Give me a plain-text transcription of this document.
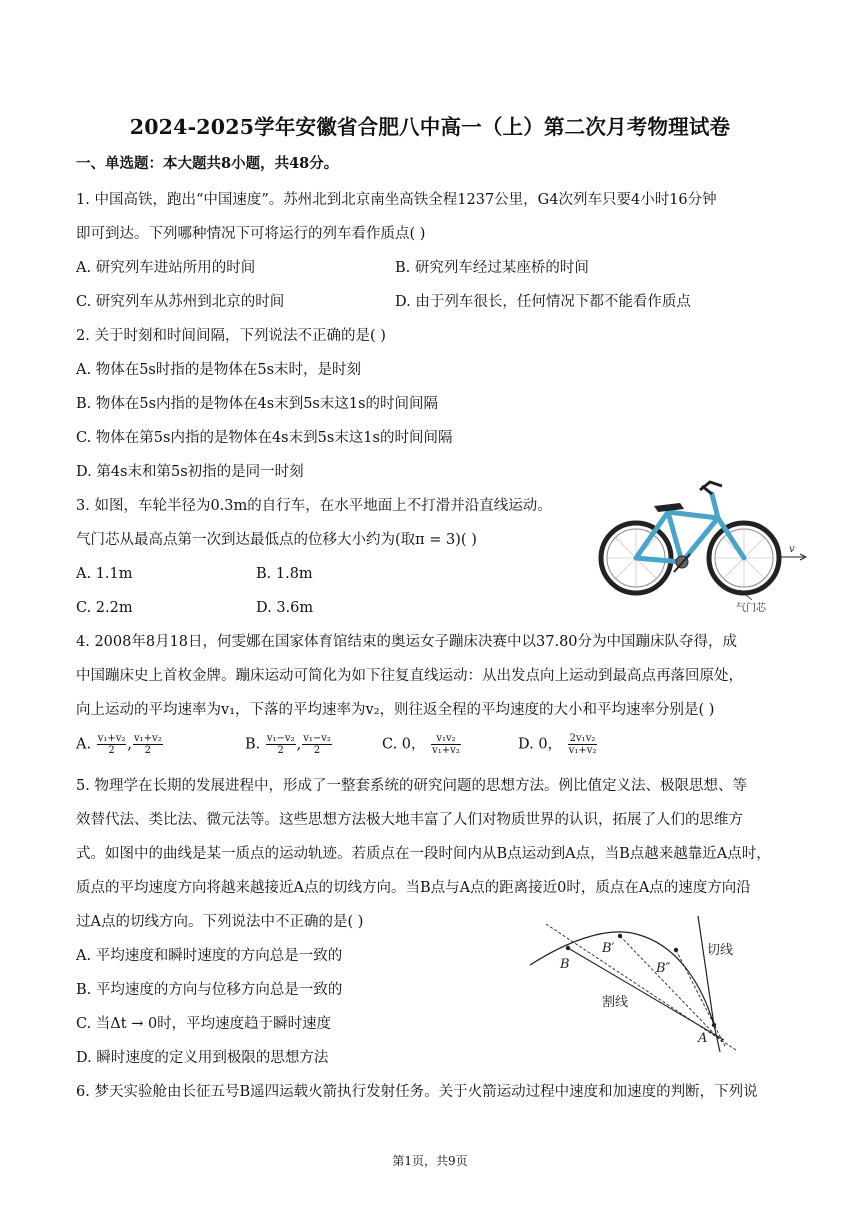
2024-2025学年安徽省合肥八中高一（上）第二次月考物理试卷
一、单选题：本大题共8小题，共48分。
1. 中国高铁，跑出“中国速度”。苏州北到北京南坐高铁全程1237公里，G4次列车只要4小时16分钟
即可到达。下列哪种情况下可将运行的列车看作质点( )
A. 研究列车进站所用的时间	B. 研究列车经过某座桥的时间
C. 研究列车从苏州到北京的时间	D. 由于列车很长，任何情况下都不能看作质点
2. 关于时刻和时间间隔，下列说法不正确的是( )
A. 物体在5s时指的是物体在5s末时，是时刻
B. 物体在5s内指的是物体在4s末到5s末这1s的时间间隔
C. 物体在第5s内指的是物体在4s末到5s末这1s的时间间隔
D. 第4s末和第5s初指的是同一时刻
3. 如图，车轮半径为0.3m的自行车，在水平地面上不打滑并沿直线运动。
气门芯从最高点第一次到达最低点的位移大小约为(取π = 3)( )
A. 1.1m	B. 1.8m
C. 2.2m	D. 3.6m
v
气门芯
4. 2008年8月18日，何雯娜在国家体育馆结束的奥运女子蹦床决赛中以37.80分为中国蹦床队夺得，成
中国蹦床史上首枚金牌。蹦床运动可简化为如下往复直线运动：从出发点向上运动到最高点再落回原处，
向上运动的平均速率为v₁，下落的平均速率为v₂，则往返全程的平均速度的大小和平均速率分别是( )
A. $\frac{\text{v₁+v₂}}{2}$ , $\frac{\text{v₁+v₂}}{2}$	B. $\frac{\text{v₁−v₂}}{2}$ , $\frac{\text{v₁−v₂}}{2}$	C. 0， $\frac{\text{v₁v₂}}{\text{v₁+v₂}}$	D. 0， $\frac{\text{2v₁v₂}}{\text{v₁+v₂}}$
5. 物理学在长期的发展进程中，形成了一整套系统的研究问题的思想方法。例比值定义法、极限思想、等
效替代法、类比法、微元法等。这些思想方法极大地丰富了人们对物质世界的认识，拓展了人们的思维方
式。如图中的曲线是某一质点的运动轨迹。若质点在一段时间内从B点运动到A点，当B点越来越靠近A点时，
质点的平均速度方向将越来越接近A点的切线方向。当B点与A点的距离接近0时，质点在A点的速度方向沿
过A点的切线方向。下列说法中不正确的是( )
A. 平均速度和瞬时速度的方向总是一致的
B. 平均速度的方向与位移方向总是一致的
C. 当Δt → 0时，平均速度趋于瞬时速度
D. 瞬时速度的定义用到极限的思想方法
B
B′
B″
A
切线
割线
6. 梦天实验舱由长征五号B遥四运载火箭执行发射任务。关于火箭运动过程中速度和加速度的判断，下列说
第1页，共9页
